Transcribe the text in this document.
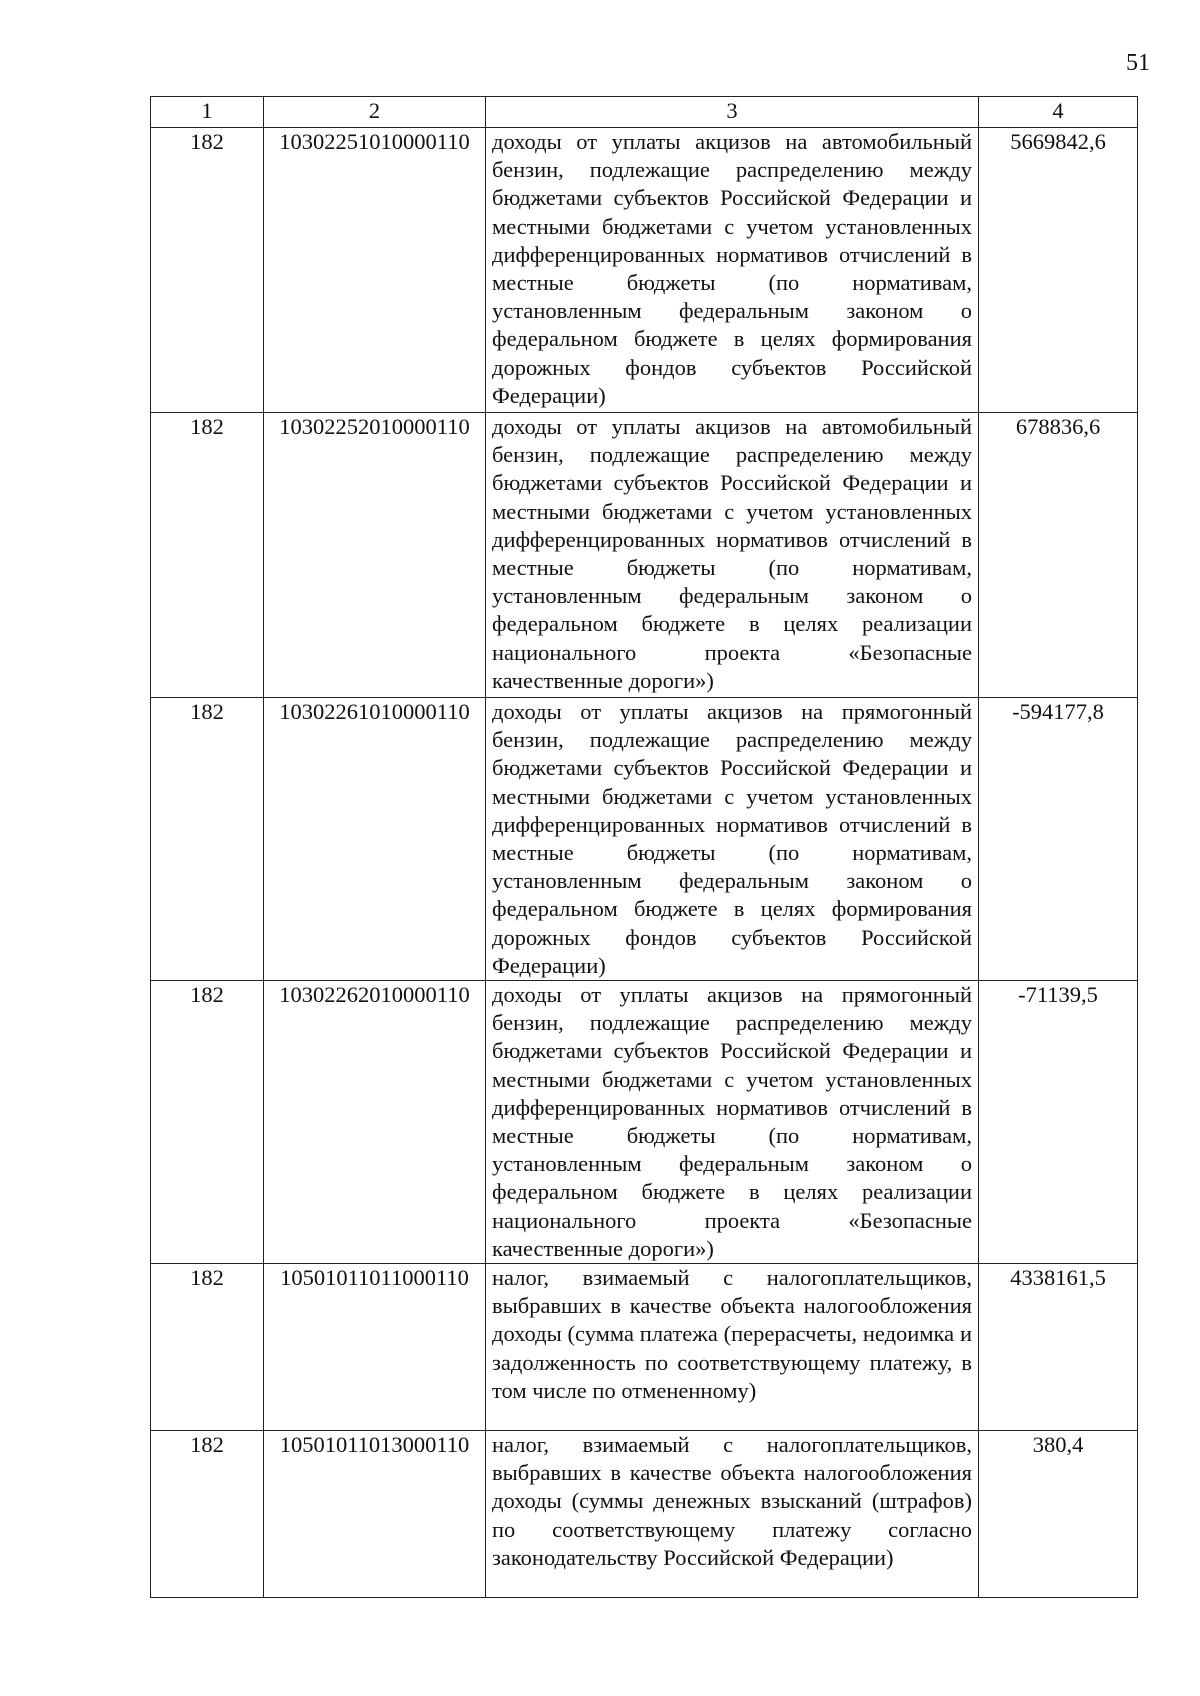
51
1	2	3	4
182	10302251010000110	доходы от уплаты акцизов на автомобильный бензин, подлежащие распределению между бюджетами субъектов Российской Федерации и местными бюджетами с учетом установленных дифференцированных нормативов отчислений в местные бюджеты (по нормативам, установленным федеральным законом о федеральном бюджете в целях формирования дорожных фондов субъектов Российской Федерации)	5669842,6
182	10302252010000110	доходы от уплаты акцизов на автомобильный бензин, подлежащие распределению между бюджетами субъектов Российской Федерации и местными бюджетами с учетом установленных дифференцированных нормативов отчислений в местные бюджеты (по нормативам, установленным федеральным законом о федеральном бюджете в целях реализации национального проекта «Безопасные качественные дороги»)	678836,6
182	10302261010000110	доходы от уплаты акцизов на прямогонный бензин, подлежащие распределению между бюджетами субъектов Российской Федерации и местными бюджетами с учетом установленных дифференцированных нормативов отчислений в местные бюджеты (по нормативам, установленным федеральным законом о федеральном бюджете в целях формирования дорожных фондов субъектов Российской Федерации)	-594177,8
182	10302262010000110	доходы от уплаты акцизов на прямогонный бензин, подлежащие распределению между бюджетами субъектов Российской Федерации и местными бюджетами с учетом установленных дифференцированных нормативов отчислений в местные бюджеты (по нормативам, установленным федеральным законом о федеральном бюджете в целях реализации национального проекта «Безопасные качественные дороги»)	-71139,5
182	10501011011000110	налог, взимаемый с налогоплательщиков, выбравших в качестве объекта налогообложения доходы (сумма платежа (перерасчеты, недоимка и задолженность по соответствующему платежу, в том числе по отмененному)	4338161,5
182	10501011013000110	налог, взимаемый с налогоплательщиков, выбравших в качестве объекта налогообложения доходы (суммы денежных взысканий (штрафов) по соответствующему платежу согласно законодательству Российской Федерации)	380,4
